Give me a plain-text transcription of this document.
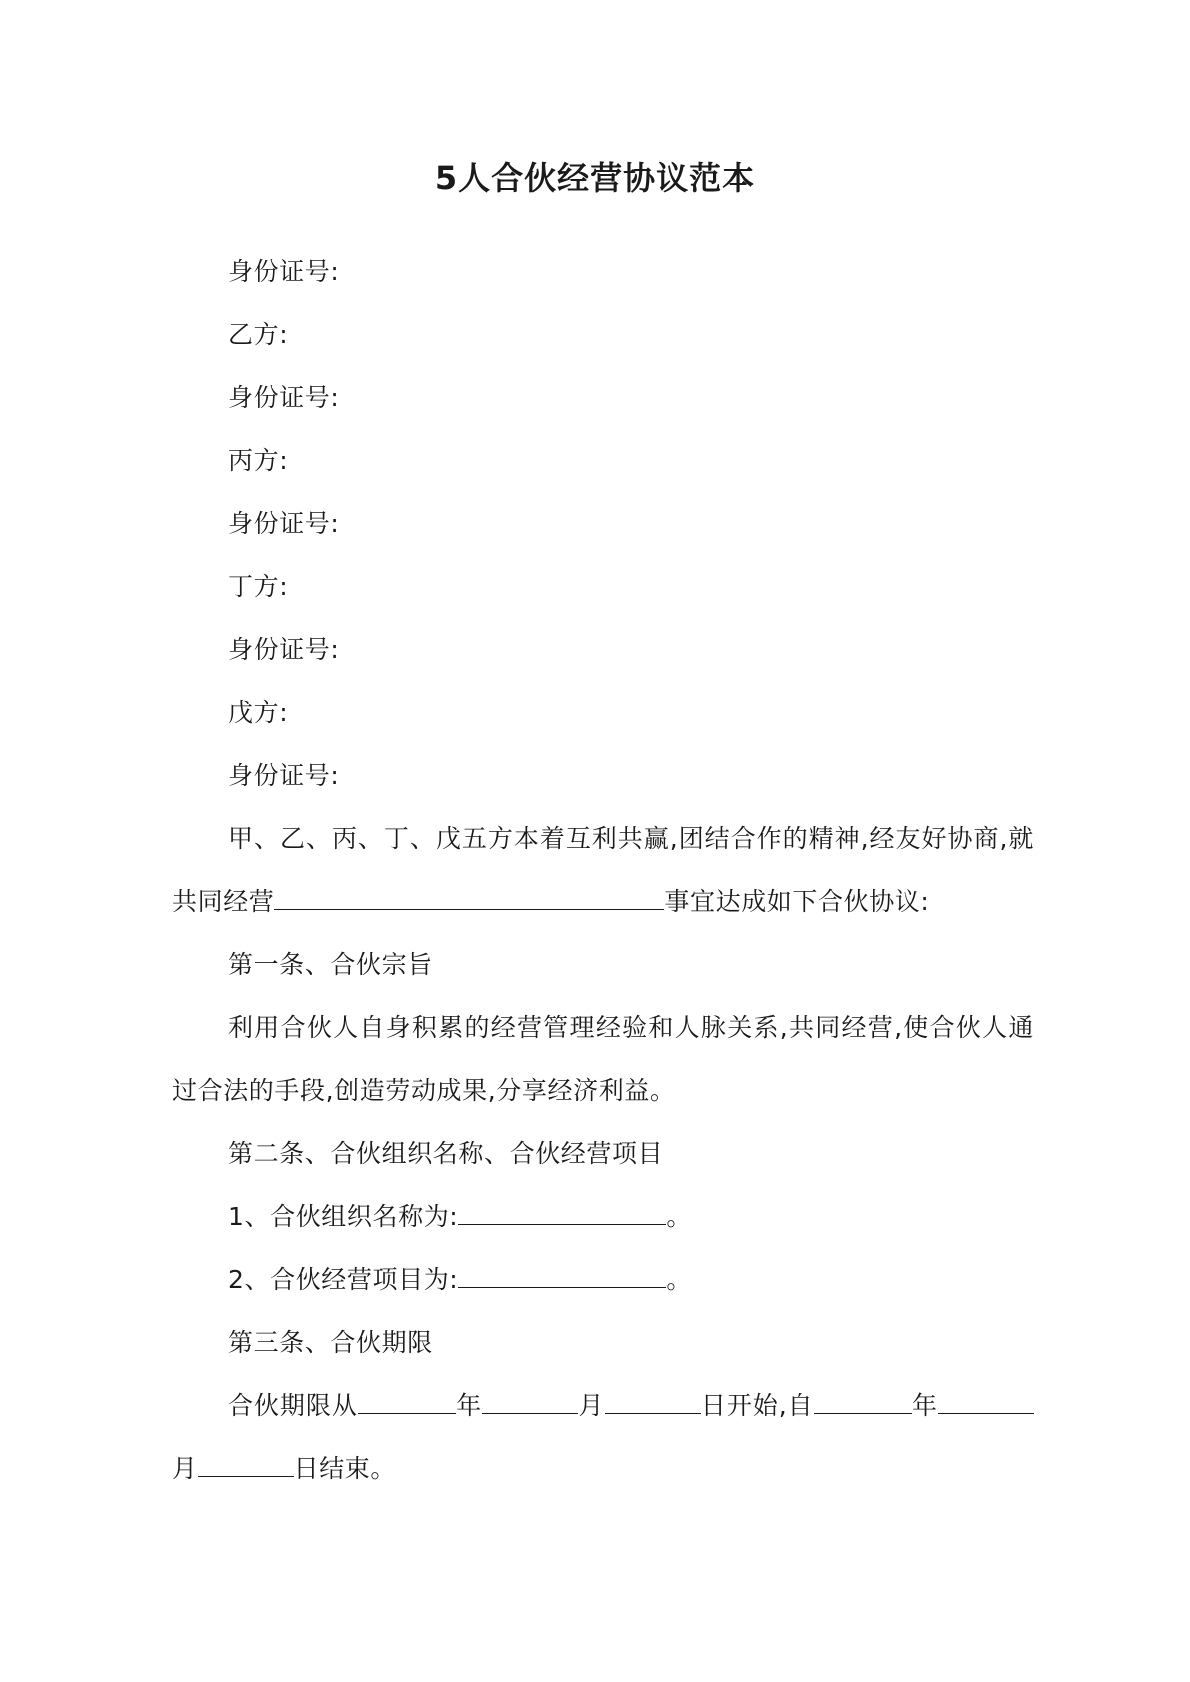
5人合伙经营协议范本

身份证号:

乙方:

身份证号:

丙方:

身份证号:

丁方:

身份证号:

戊方:

身份证号:

甲、乙、丙、丁、戊五方本着互利共赢,团结合作的精神,经友好协商,就共同经营	事宜达成如下合伙协议:

第一条、合伙宗旨

利用合伙人自身积累的经营管理经验和人脉关系,共同经营,使合伙人通过合法的手段,创造劳动成果,分享经济利益。

第二条、合伙组织名称、合伙经营项目

1、合伙组织名称为:	。

2、合伙经营项目为:	。

第三条、合伙期限

合伙期限从	年	月	日开始,自	年月	日结束。
